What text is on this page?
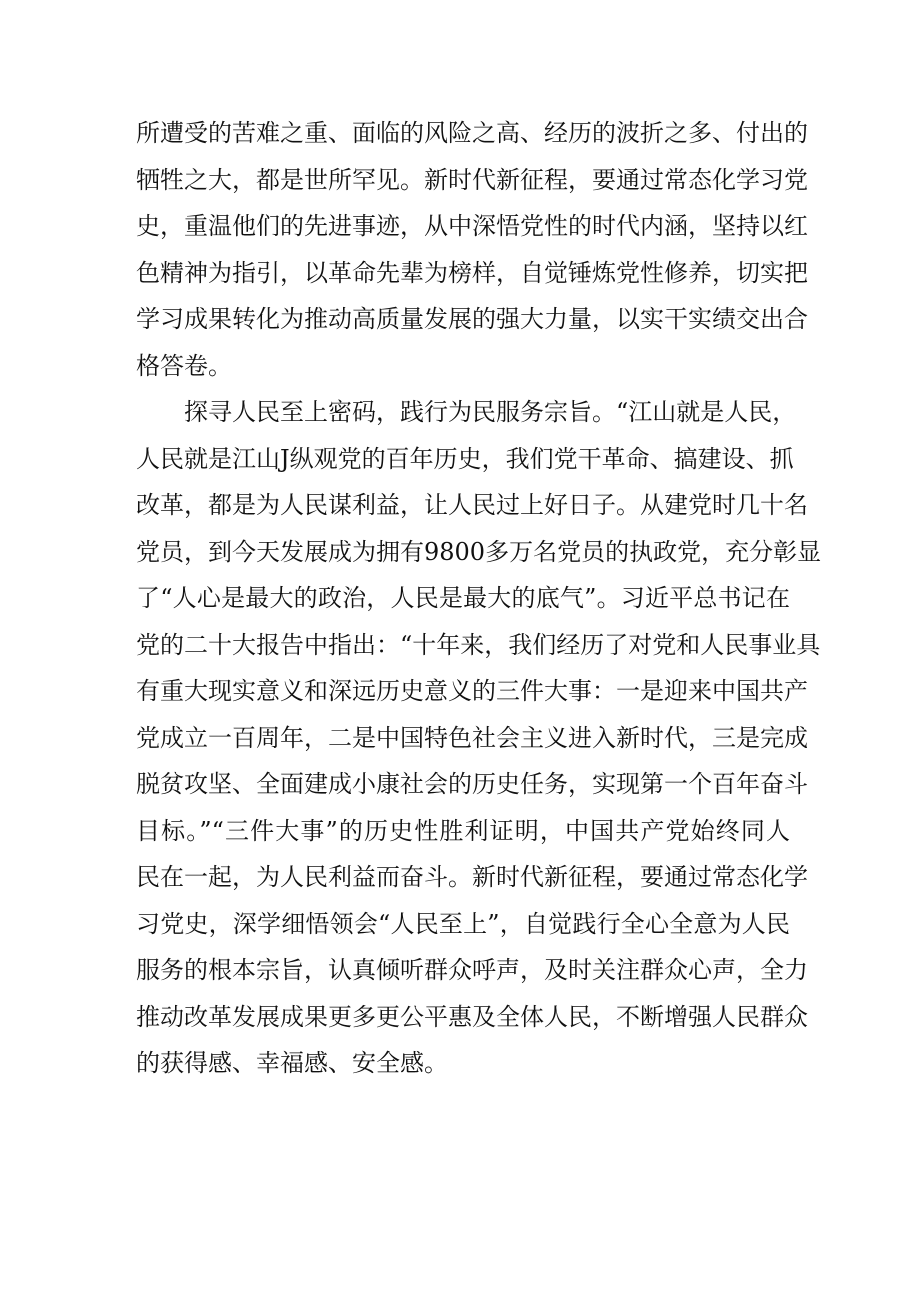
所遭受的苦难之重、面临的风险之高、经历的波折之多、付出的
牺牲之大，都是世所罕见。新时代新征程，要通过常态化学习党
史，重温他们的先进事迹，从中深悟党性的时代内涵，坚持以红
色精神为指引，以革命先辈为榜样，自觉锤炼党性修养，切实把
学习成果转化为推动高质量发展的强大力量，以实干实绩交出合
格答卷。
探寻人民至上密码，践行为民服务宗旨。“江山就是人民，
人民就是江山J纵观党的百年历史，我们党干革命、搞建设、抓
改革，都是为人民谋利益，让人民过上好日子。从建党时几十名
党员，到今天发展成为拥有9800多万名党员的执政党，充分彰显
了“人心是最大的政治，人民是最大的底气”。习近平总书记在
党的二十大报告中指出：“十年来，我们经历了对党和人民事业具
有重大现实意义和深远历史意义的三件大事：一是迎来中国共产
党成立一百周年，二是中国特色社会主义进入新时代，三是完成
脱贫攻坚、全面建成小康社会的历史任务，实现第一个百年奋斗
目标。”“三件大事”的历史性胜利证明，中国共产党始终同人
民在一起，为人民利益而奋斗。新时代新征程，要通过常态化学
习党史，深学细悟领会“人民至上”，自觉践行全心全意为人民
服务的根本宗旨，认真倾听群众呼声，及时关注群众心声，全力
推动改革发展成果更多更公平惠及全体人民，不断增强人民群众
的获得感、幸福感、安全感。
